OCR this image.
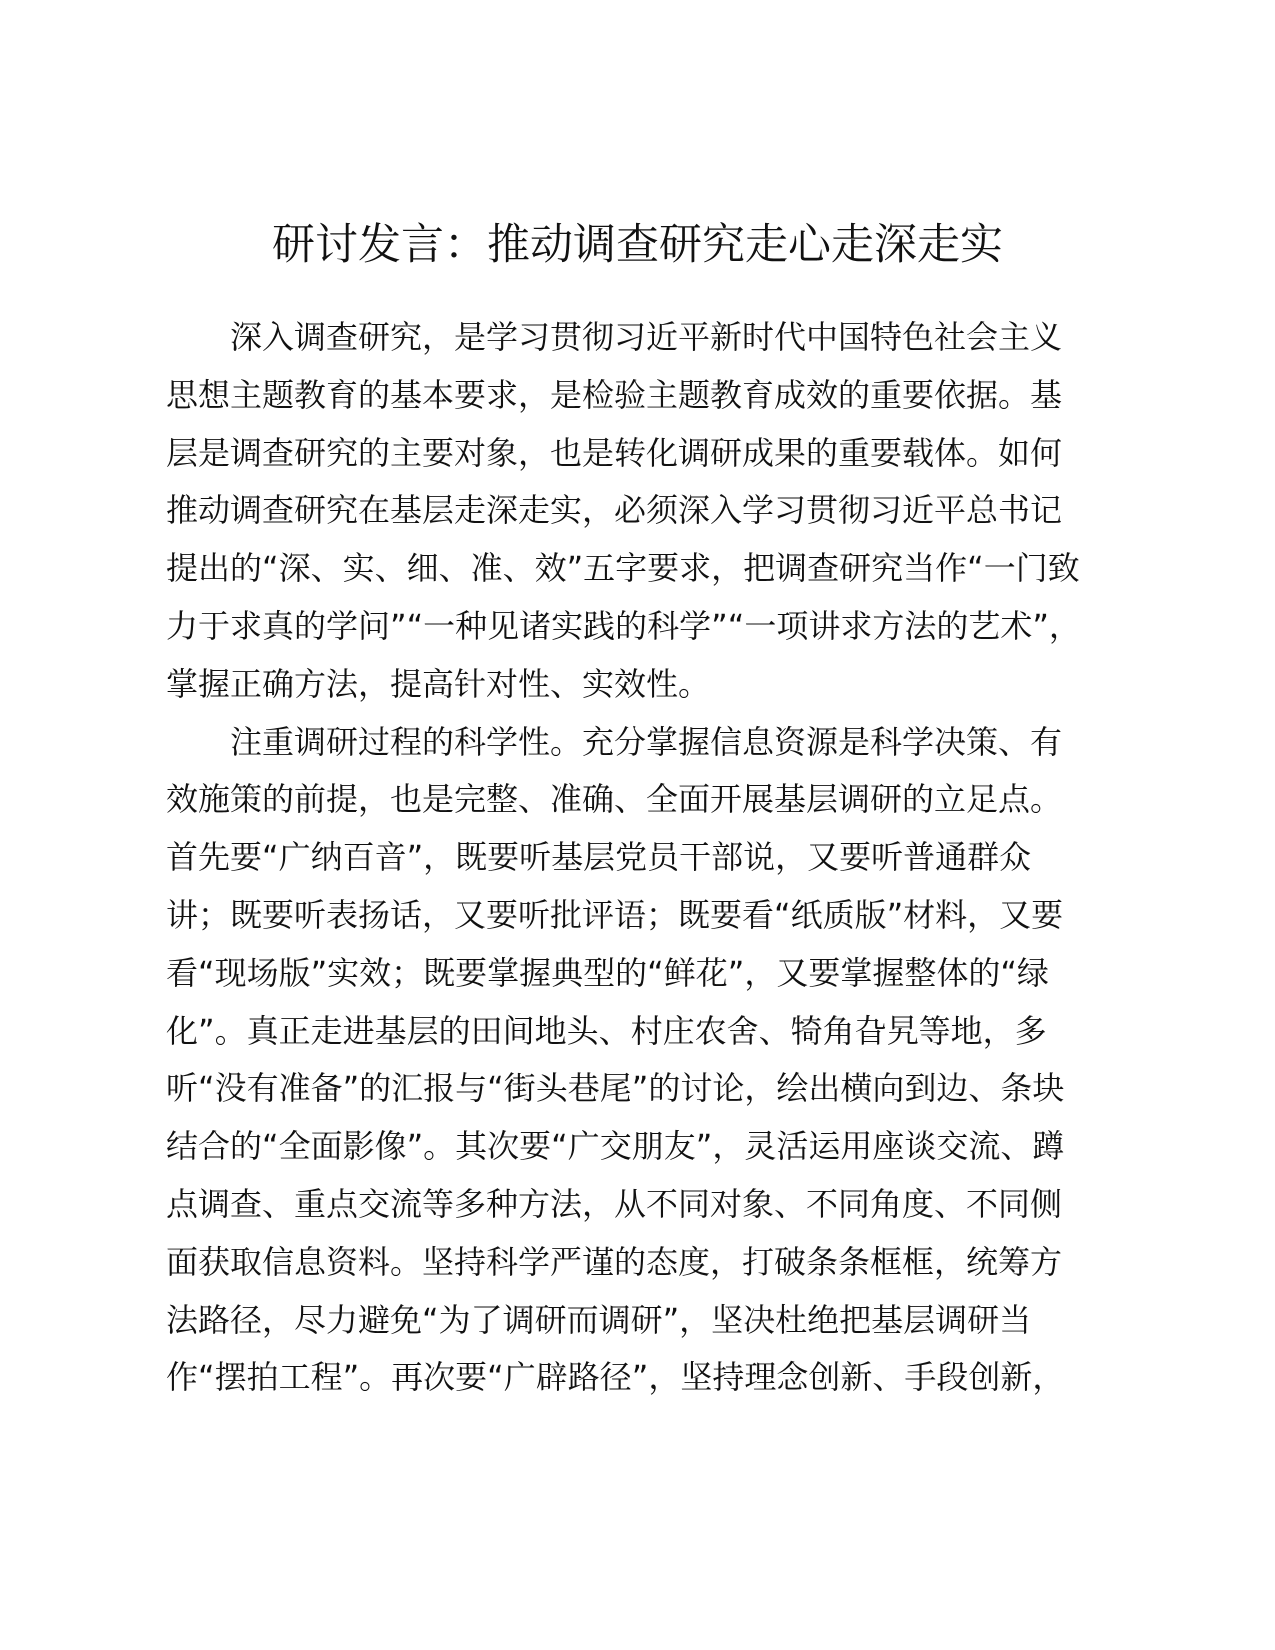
研讨发言：推动调查研究走心走深走实
深入调查研究，是学习贯彻习近平新时代中国特色社会主义
思想主题教育的基本要求，是检验主题教育成效的重要依据。基
层是调查研究的主要对象，也是转化调研成果的重要载体。如何
推动调查研究在基层走深走实，必须深入学习贯彻习近平总书记
提出的“深、实、细、准、效”五字要求，把调查研究当作“一门致
力于求真的学问”“一种见诸实践的科学”“一项讲求方法的艺术”，
掌握正确方法，提高针对性、实效性。
注重调研过程的科学性。充分掌握信息资源是科学决策、有
效施策的前提，也是完整、准确、全面开展基层调研的立足点。
首先要“广纳百音”，既要听基层党员干部说，又要听普通群众
讲；既要听表扬话，又要听批评语；既要看“纸质版”材料，又要
看“现场版”实效；既要掌握典型的“鲜花”，又要掌握整体的“绿
化”。真正走进基层的田间地头、村庄农舍、犄角旮旯等地，多
听“没有准备”的汇报与“街头巷尾”的讨论，绘出横向到边、条块
结合的“全面影像”。其次要“广交朋友”，灵活运用座谈交流、蹲
点调查、重点交流等多种方法，从不同对象、不同角度、不同侧
面获取信息资料。坚持科学严谨的态度，打破条条框框，统筹方
法路径，尽力避免“为了调研而调研”，坚决杜绝把基层调研当
作“摆拍工程”。再次要“广辟路径”，坚持理念创新、手段创新，
